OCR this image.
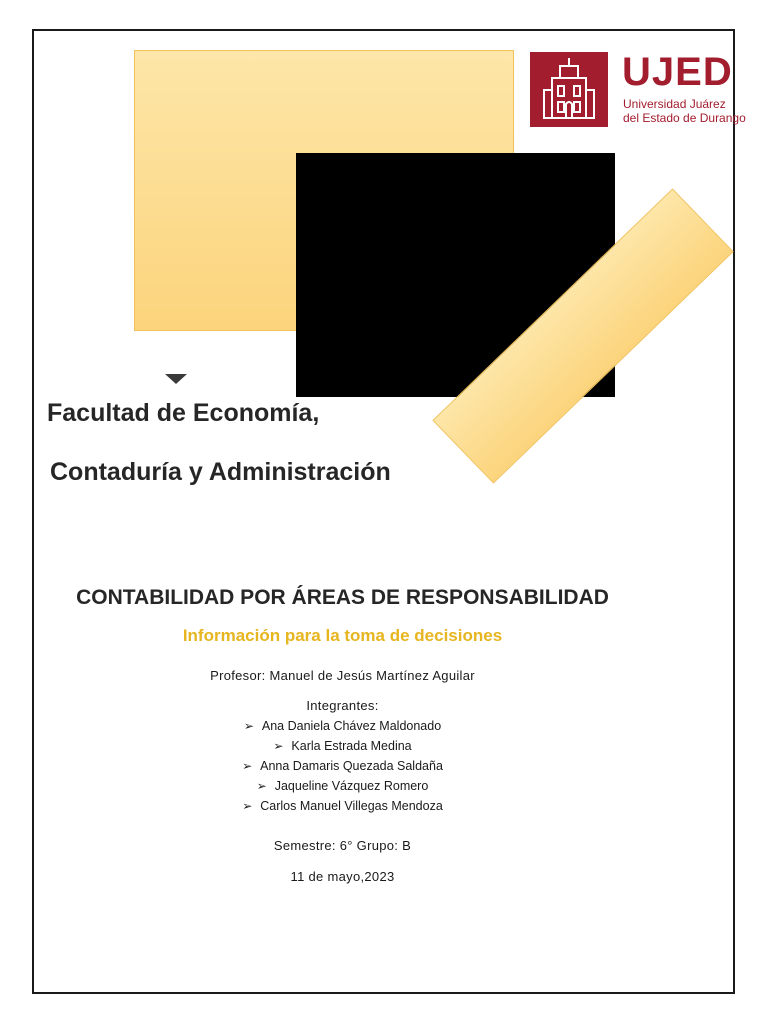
UJED
Universidad Juárez
del Estado de Durango
Facultad de Economía,
Contaduría y Administración
CONTABILIDAD POR ÁREAS DE RESPONSABILIDAD
Información para la toma de decisiones
Profesor: Manuel de Jesús Martínez Aguilar
Integrantes:
➢ Ana Daniela Chávez Maldonado
➢ Karla Estrada Medina
➢ Anna Damaris Quezada Saldaña
➢ Jaqueline Vázquez Romero
➢ Carlos Manuel Villegas Mendoza
Semestre: 6° Grupo: B
11 de mayo,2023
